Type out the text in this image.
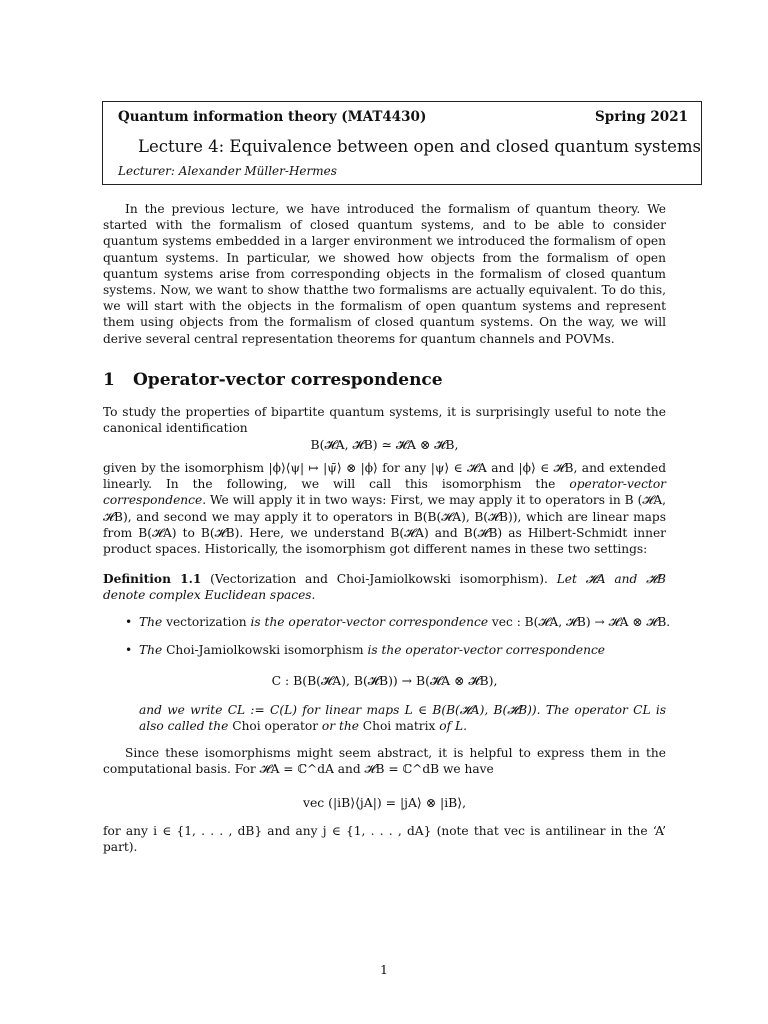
Quantum information theory (MAT4430)	Spring 2021
Lecture 4: Equivalence between open and closed quantum systems
Lecturer: Alexander Müller-Hermes

In the previous lecture, we have introduced the formalism of quantum theory. We started with the formalism of closed quantum systems, and to be able to consider quantum systems embedded in a larger environment we introduced the formalism of open quantum systems. In particular, we showed how objects from the formalism of open quantum systems arise from corresponding objects in the formalism of closed quantum systems. Now, we want to show thatthe two formalisms are actually equivalent. To do this, we will start with the objects in the formalism of open quantum systems and represent them using objects from the formalism of closed quantum systems. On the way, we will derive several central representation theorems for quantum channels and POVMs.

1 Operator-vector correspondence

To study the properties of bipartite quantum systems, it is surprisingly useful to note the canonical identification

B(𝓗A, 𝓗B) ≃ 𝓗A ⊗ 𝓗B,

given by the isomorphism |ϕ⟩⟨ψ| ↦ |ψ̄⟩ ⊗ |ϕ⟩ for any |ψ⟩ ∈ 𝓗A and |ϕ⟩ ∈ 𝓗B, and extended linearly. In the following, we will call this isomorphism the operator-vector correspondence. We will apply it in two ways: First, we may apply it to operators in B (𝓗A, 𝓗B), and second we may apply it to operators in B(B(𝓗A), B(𝓗B)), which are linear maps from B(𝓗A) to B(𝓗B). Here, we understand B(𝓗A) and B(𝓗B) as Hilbert-Schmidt inner product spaces. Historically, the isomorphism got different names in these two settings:

Definition 1.1 (Vectorization and Choi-Jamiolkowski isomorphism). Let 𝓗A and 𝓗B denote complex Euclidean spaces.

• The vectorization is the operator-vector correspondence vec : B(𝓗A, 𝓗B) → 𝓗A ⊗ 𝓗B.
• The Choi-Jamiolkowski isomorphism is the operator-vector correspondence
C : B(B(𝓗A), B(𝓗B)) → B(𝓗A ⊗ 𝓗B),

and we write CL := C(L) for linear maps L ∈ B(B(𝓗A), B(𝓗B)). The operator CL is also called the Choi operator or the Choi matrix of L.

Since these isomorphisms might seem abstract, it is helpful to express them in the computational basis. For 𝓗A = ℂ^dA and 𝓗B = ℂ^dB we have

vec (|iB⟩⟨jA|) = |jA⟩ ⊗ |iB⟩,

for any i ∈ {1, . . . , dB} and any j ∈ {1, . . . , dA} (note that vec is antilinear in the ‘A’ part).

1
